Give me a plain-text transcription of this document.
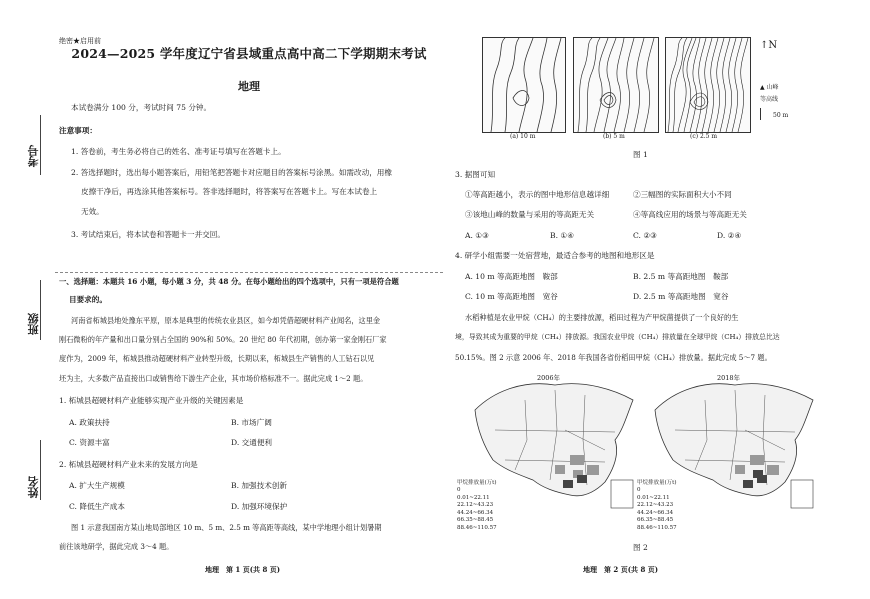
考号
班级
姓名
绝密★启用前
2024—2025 学年度辽宁省县域重点高中高二下学期期末考试
地理
本试卷满分 100 分，考试时间 75 分钟。
注意事项：
1. 答卷前，考生务必将自己的姓名、准考证号填写在答题卡上。
2. 答选择题时，选出每小题答案后，用铅笔把答题卡对应题目的答案标号涂黑。如需改动，用橡
皮擦干净后，再选涂其他答案标号。答非选择题时，将答案写在答题卡上。写在本试卷上
无效。
3. 考试结束后，将本试卷和答题卡一并交回。
一、选择题：本题共 16 小题，每小题 3 分，共 48 分。在每小题给出的四个选项中，只有一项是符合题
目要求的。
河南省柘城县地处豫东平原，原本是典型的传统农业县区，如今却凭借超硬材料产业闻名，这里金
刚石微粉的年产量和出口量分别占全国的 90%和 50%。20 世纪 80 年代初期，创办第一家金刚石厂家
度作为，2009 年，柘城县推动超硬材料产业转型升级，长期以来，柘城县生产销售的人工钻石以见
坯为主，大多数产品直接出口或销售给下游生产企业，其市场价格标准不一。据此完成 1～2 题。
1. 柘城县超硬材料产业能够实现产业升级的关键因素是
A. 政策扶持	B. 市场广阔
C. 资源丰富	D. 交通便利
2. 柘城县超硬材料产业未来的发展方向是
A. 扩大生产规模	B. 加强技术创新
C. 降低生产成本	D. 加强环境保护
图 1 示意我国南方某山地局部地区 10 m、5 m、2.5 m 等高距等高线，某中学地理小组计划暑期
前往该地研学，据此完成 3～4 题。
地理　第 1 页(共 8 页)
(a) 10 m	(b) 5 m	(c) 2.5 m
↑N
▲ 山峰
等高线
50 m
图 1
3. 据图可知
①等高距越小，表示的图中地形信息越详细	②三幅图的实际面积大小不同
③该地山峰的数量与采用的等高距无关	④等高线应用的场景与等高距无关
A. ①③	B. ①④	C. ②③	D. ②④
4. 研学小组需要一处宿营地，最适合参考的地图和地形区是
A. 10 m 等高距地图　鞍部	B. 2.5 m 等高距地图　鞍部
C. 10 m 等高距地图　宽谷	D. 2.5 m 等高距地图　宽谷
水稻种植是农业甲烷（CH₄）的主要排放源，稻田过程为产甲烷菌提供了一个良好的生
境，导致其成为重要的甲烷（CH₄）排放源。我国农业甲烷（CH₄）排放量在全球甲烷（CH₄）排放总比达
50.15%。图 2 示意 2006 年、2018 年我国各省份稻田甲烷（CH₄）排放量。据此完成 5～7 题。
2006年
甲烷排放量(万t)
0
0.01~22.11
22.12~43.23
44.24~66.34
66.35~88.45
88.46~110.57
2018年
甲烷排放量(万t)
0
0.01~22.11
22.12~43.23
44.24~66.34
66.35~88.45
88.46~110.57
图 2
地理　第 2 页(共 8 页)
